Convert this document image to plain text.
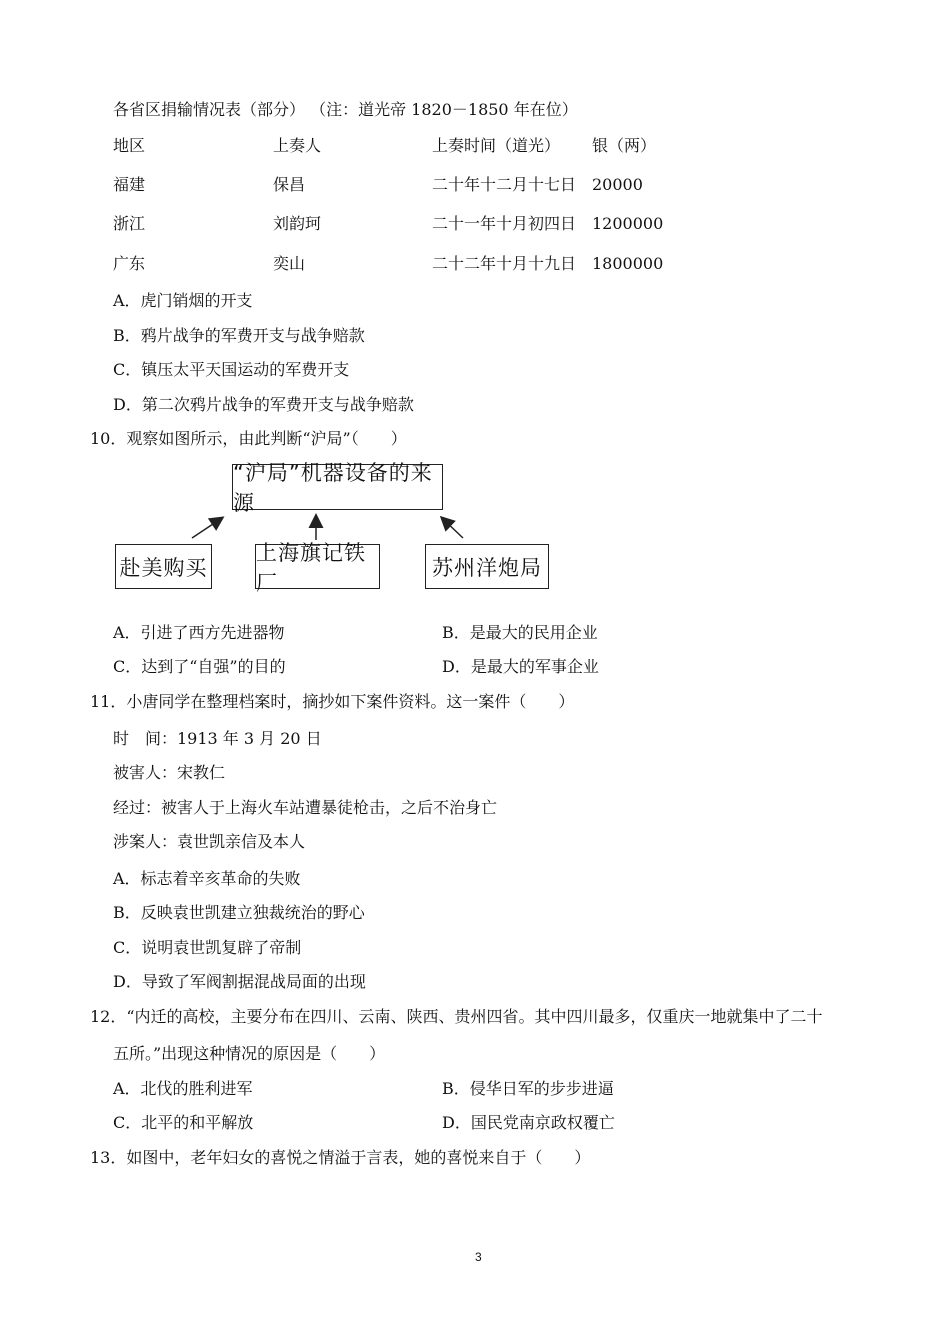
各省区捐输情况表（部分） （注：道光帝 1820－1850 年在位）
地区	上奏人	上奏时间（道光） 银（两）
福建	保昌	二十年十二月十七日 20000
浙江	刘韵珂	二十一年十月初四日 1200000
广东	奕山	二十二年十月十九日 1800000
A．虎门销烟的开支
B．鸦片战争的军费开支与战争赔款
C．镇压太平天国运动的军费开支
D．第二次鸦片战争的军费开支与战争赔款
10．观察如图所示，由此判断“沪局”（　　）
“沪局”机器设备的来源
赴美购买
上海旗记铁厂
苏州洋炮局
A．引进了西方先进器物	B．是最大的民用企业
C．达到了“自强”的目的	D．是最大的军事企业
11．小唐同学在整理档案时，摘抄如下案件资料。这一案件（　　）
时　间：1913 年 3 月 20 日
被害人：宋教仁
经过：被害人于上海火车站遭暴徒枪击，之后不治身亡
涉案人：袁世凯亲信及本人
A．标志着辛亥革命的失败
B．反映袁世凯建立独裁统治的野心
C．说明袁世凯复辟了帝制
D．导致了军阀割据混战局面的出现
12．“内迁的高校，主要分布在四川、云南、陕西、贵州四省。其中四川最多，仅重庆一地就集中了二十
五所。”出现这种情况的原因是（　　）
A．北伐的胜利进军	B．侵华日军的步步进逼
C．北平的和平解放	D．国民党南京政权覆亡
13．如图中，老年妇女的喜悦之情溢于言表，她的喜悦来自于（　　）
3
